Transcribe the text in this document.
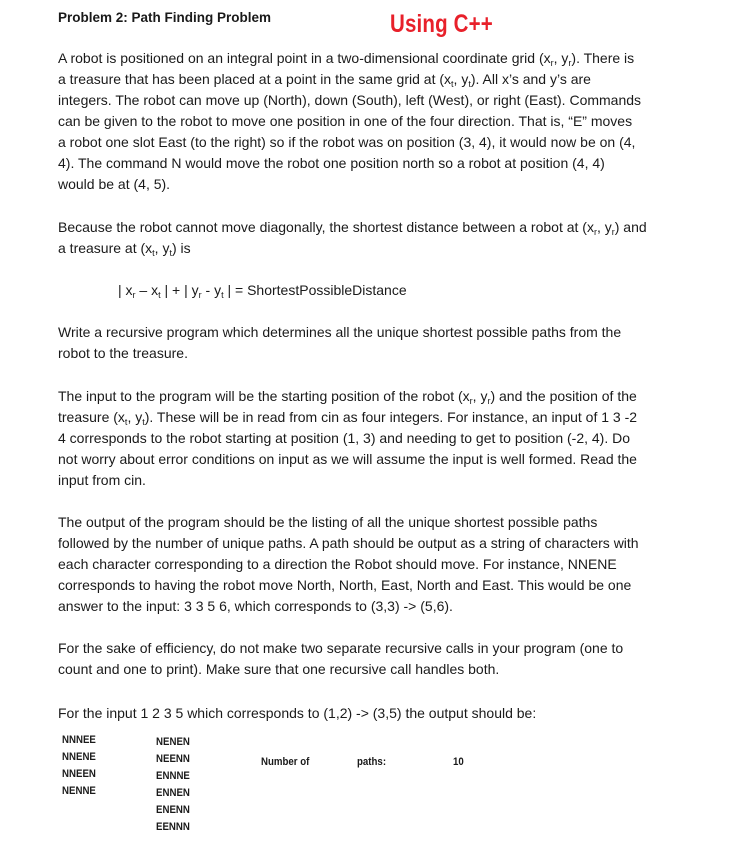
Problem 2: Path Finding Problem	Using C++
A robot is positioned on an integral point in a two-dimensional coordinate grid ($x_r$, $y_r$). There is
a treasure that has been placed at a point in the same grid at ($x_t$, $y_t$). All x’s and y’s are
integers. The robot can move up (North), down (South), left (West), or right (East). Commands
can be given to the robot to move one position in one of the four direction. That is, “E” moves
a robot one slot East (to the right) so if the robot was on position (3, 4), it would now be on (4,
4). The command N would move the robot one position north so a robot at position (4, 4)
would be at (4, 5).
Because the robot cannot move diagonally, the shortest distance between a robot at ($x_r$, $y_r$) and
a treasure at ($x_t$, $y_t$) is
| $x_r - x_t$ | + | $y_r - y_t$ | = ShortestPossibleDistance
Write a recursive program which determines all the unique shortest possible paths from the
robot to the treasure.
The input to the program will be the starting position of the robot ($x_r$, $y_r$) and the position of the
treasure ($x_t$, $y_t$). These will be in read from cin as four integers. For instance, an input of 1 3 -2
4 corresponds to the robot starting at position (1, 3) and needing to get to position (-2, 4). Do
not worry about error conditions on input as we will assume the input is well formed. Read the
input from cin.
The output of the program should be the listing of all the unique shortest possible paths
followed by the number of unique paths. A path should be output as a string of characters with
each character corresponding to a direction the Robot should move. For instance, NNENE
corresponds to having the robot move North, North, East, North and East. This would be one
answer to the input: 3 3 5 6, which corresponds to (3,3) -> (5,6).
For the sake of efficiency, do not make two separate recursive calls in your program (one to
count and one to print). Make sure that one recursive call handles both.
For the input 1 2 3 5 which corresponds to (1,2) -> (3,5) the output should be:
NNNEE
NNENE
NNEEN
NENNE
NENEN
NEENN
ENNNE
ENNEN
ENENN
EENNN
Number of	paths:	10
